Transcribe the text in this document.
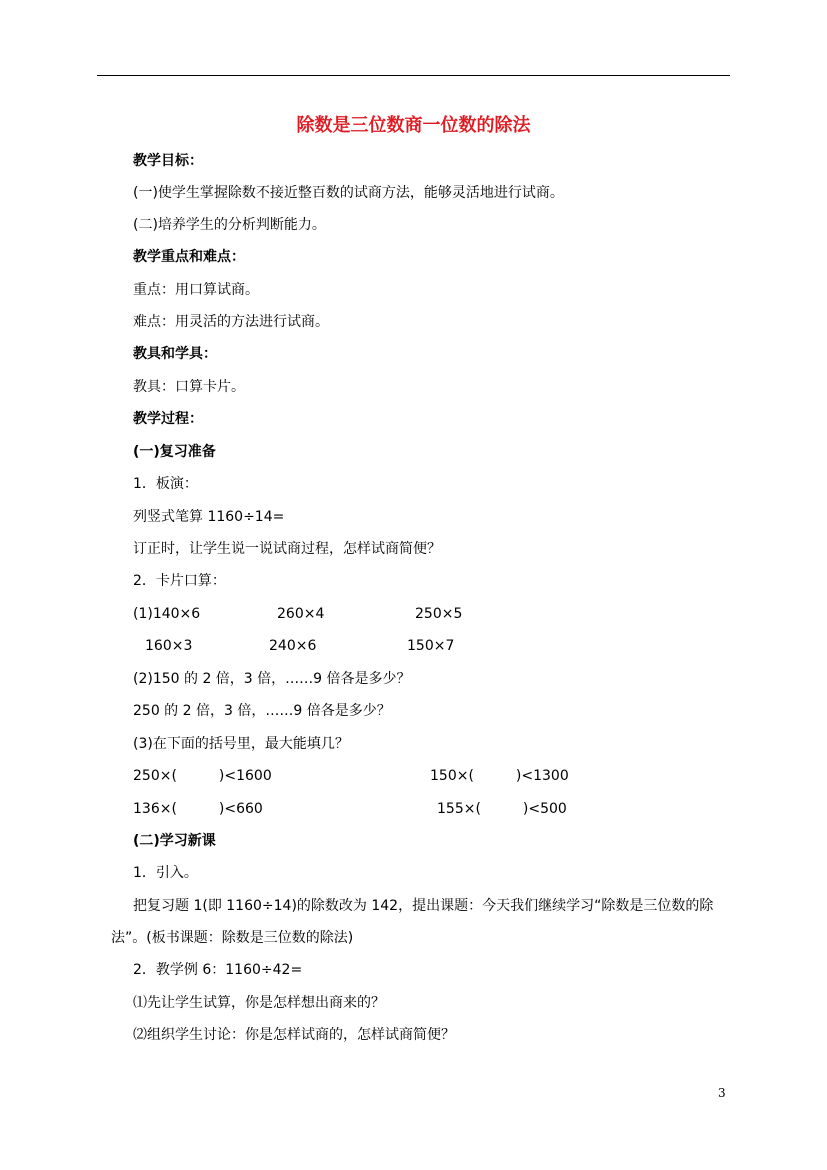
除数是三位数商一位数的除法
教学目标：
(一)使学生掌握除数不接近整百数的试商方法，能够灵活地进行试商。
(二)培养学生的分析判断能力。
教学重点和难点：
重点：用口算试商。
难点：用灵活的方法进行试商。
教具和学具：
教具：口算卡片。
教学过程：
(一)复习准备
1．板演：
列竖式笔算 1160÷14=
订正时，让学生说一说试商过程，怎样试商简便？
2．卡片口算：
(1)140×6	260×4	250×5
160×3	240×6	150×7
(2)150 的 2 倍，3 倍，……9 倍各是多少？
250 的 2 倍，3 倍，……9 倍各是多少？
(3)在下面的括号里，最大能填几？
250×(　　　)<1600	150×(　　　)<1300
136×(　　　)<660	155×(　　　)<500
(二)学习新课
1．引入。
把复习题 1(即 1160÷14)的除数改为 142，提出课题：今天我们继续学习“除数是三位数的除
法”。(板书课题：除数是三位数的除法)
2．教学例 6：1160÷42=
⑴先让学生试算，你是怎样想出商来的？
⑵组织学生讨论：你是怎样试商的，怎样试商简便？
3
